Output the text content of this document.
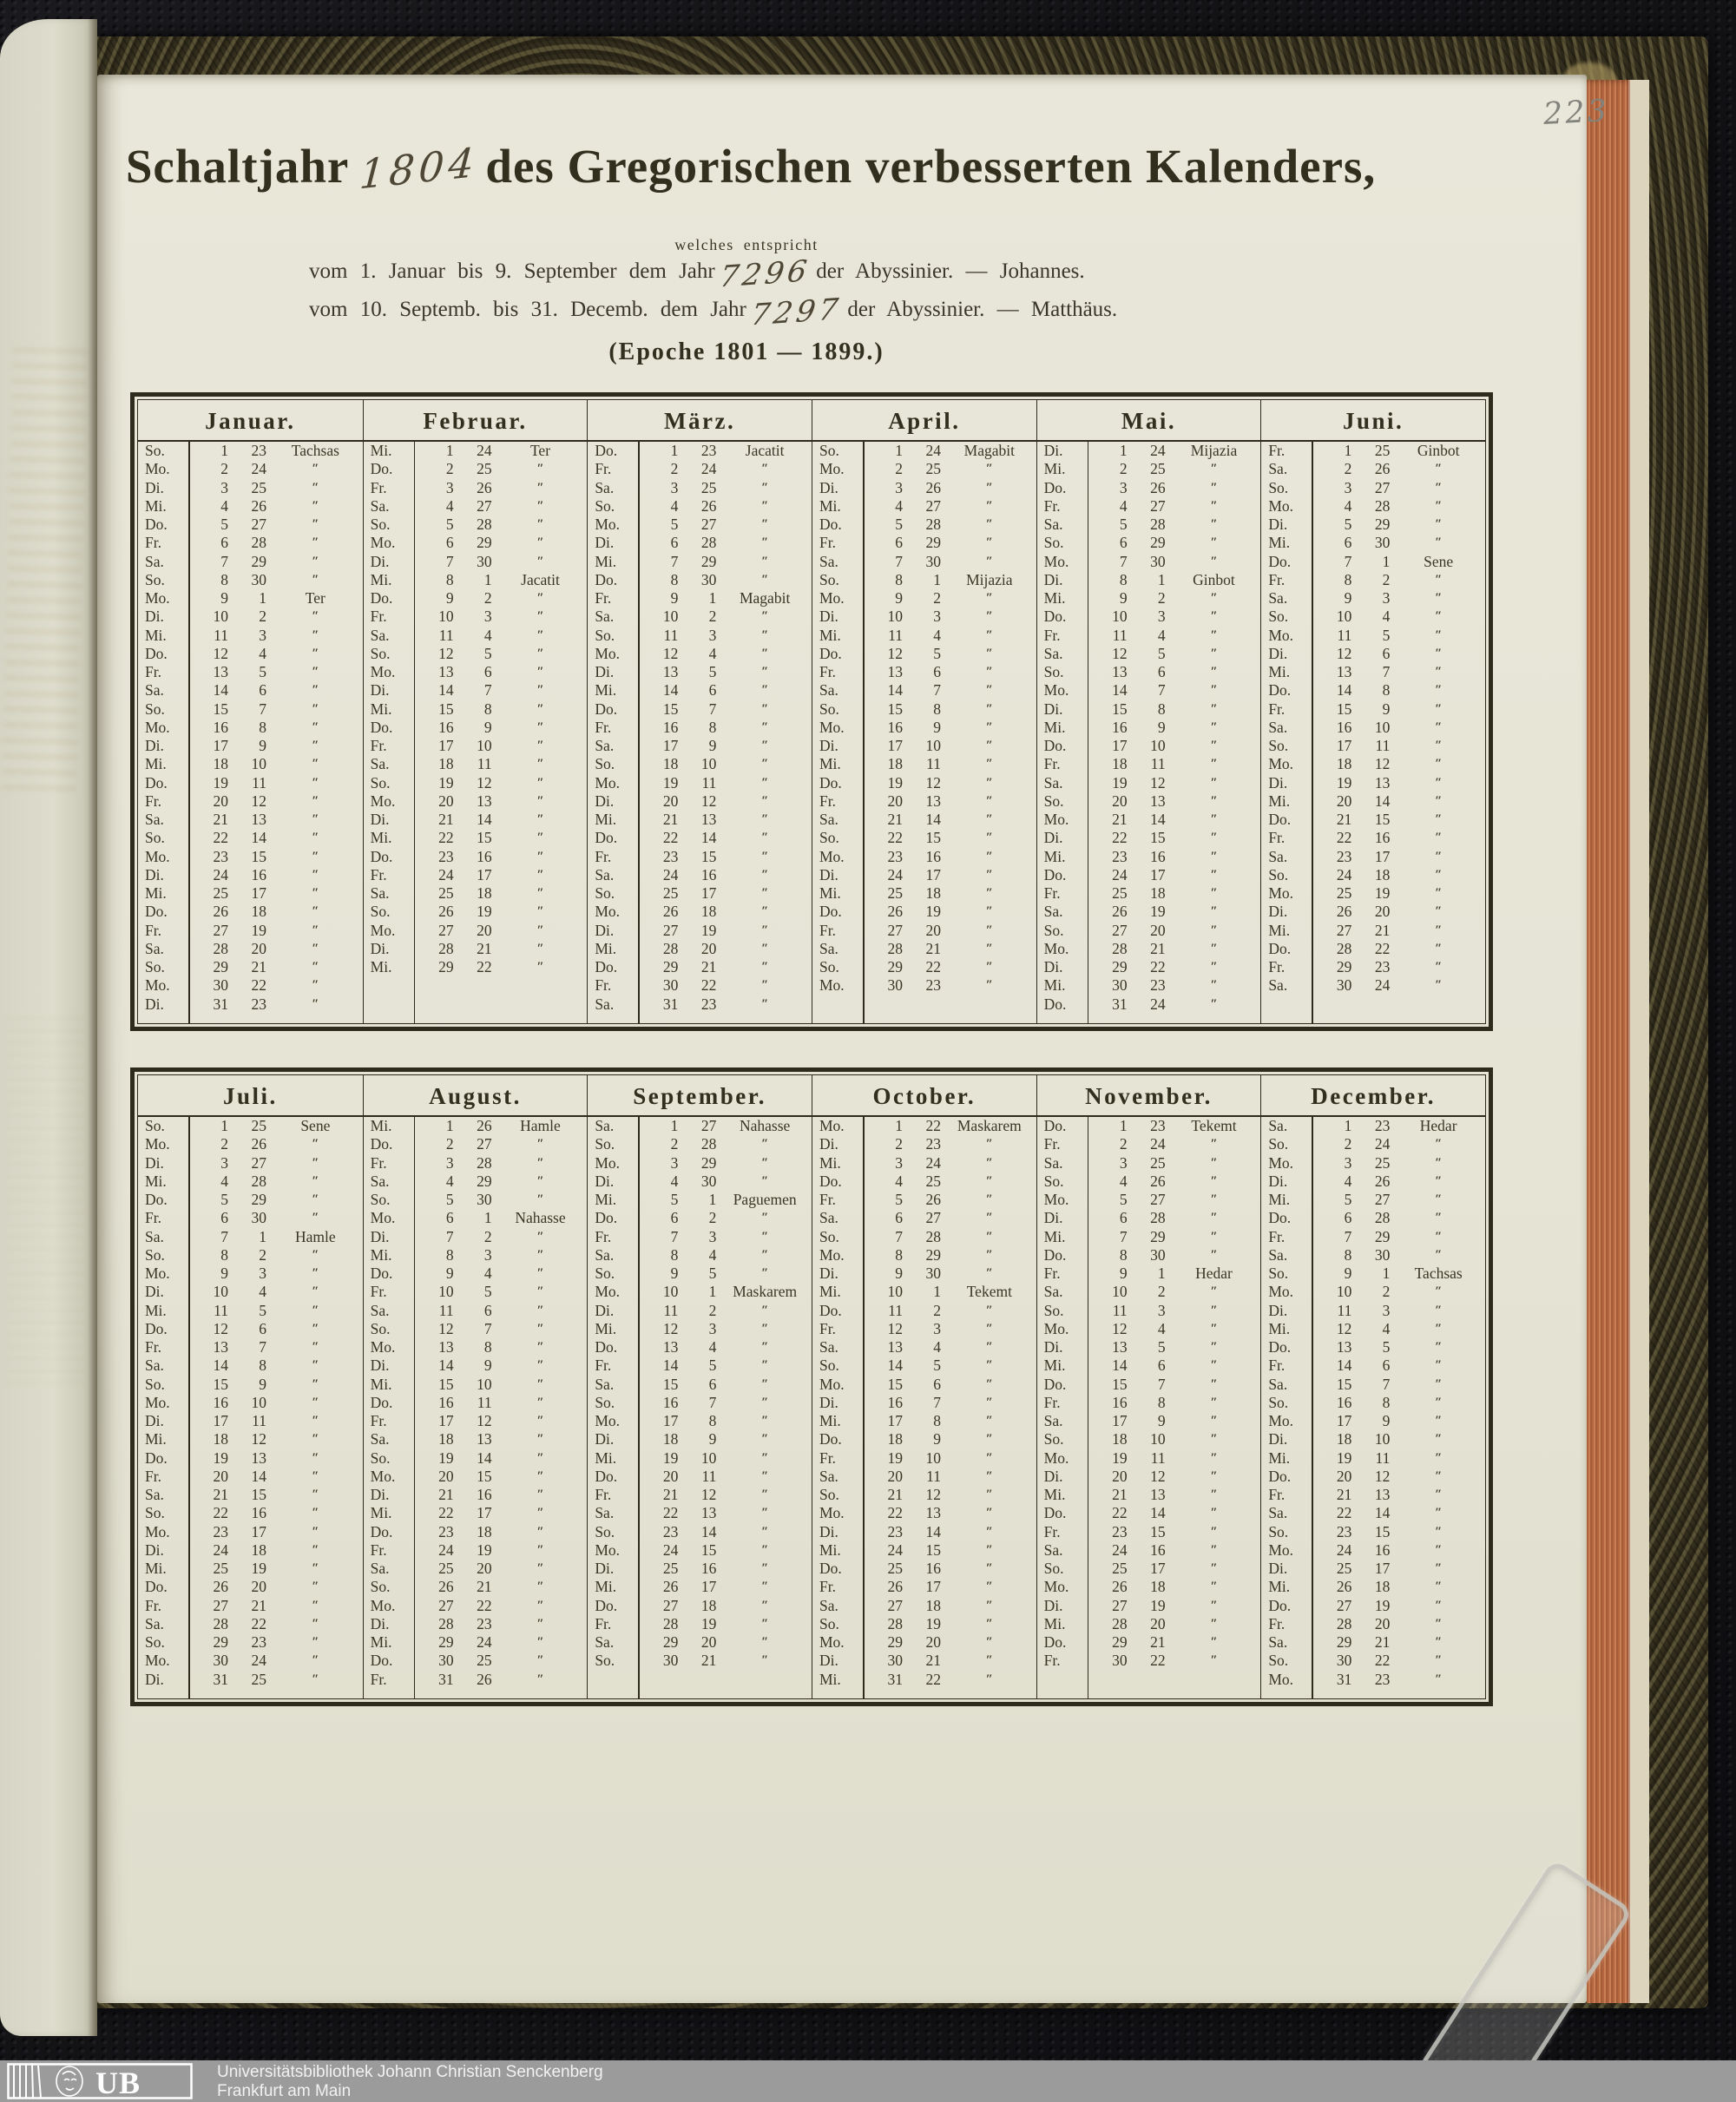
Schaltjahr 1804 des Gregorischen verbesserten Kalenders,
welches entspricht
vom 1. Januar bis 9. September dem Jahr7296 der Abyssinier. — Johannes.
vom 10. Septemb. bis 31. Decemb. dem Jahr7297 der Abyssinier. — Matthäus.
(Epoche 1801 — 1899.)
Januar.
So.	1	23	Tachsas
Mo.	2	24	″
Di.	3	25	″
Mi.	4	26	″
Do.	5	27	″
Fr.	6	28	″
Sa.	7	29	″
So.	8	30	″
Mo.	9	1	Ter
Di.	10	2	″
Mi.	11	3	″
Do.	12	4	″
Fr.	13	5	″
Sa.	14	6	″
So.	15	7	″
Mo.	16	8	″
Di.	17	9	″
Mi.	18	10	″
Do.	19	11	″
Fr.	20	12	″
Sa.	21	13	″
So.	22	14	″
Mo.	23	15	″
Di.	24	16	″
Mi.	25	17	″
Do.	26	18	″
Fr.	27	19	″
Sa.	28	20	″
So.	29	21	″
Mo.	30	22	″
Di.	31	23	″
Februar.
Mi.	1	24	Ter
Do.	2	25	″
Fr.	3	26	″
Sa.	4	27	″
So.	5	28	″
Mo.	6	29	″
Di.	7	30	″
Mi.	8	1	Jacatit
Do.	9	2	″
Fr.	10	3	″
Sa.	11	4	″
So.	12	5	″
Mo.	13	6	″
Di.	14	7	″
Mi.	15	8	″
Do.	16	9	″
Fr.	17	10	″
Sa.	18	11	″
So.	19	12	″
Mo.	20	13	″
Di.	21	14	″
Mi.	22	15	″
Do.	23	16	″
Fr.	24	17	″
Sa.	25	18	″
So.	26	19	″
Mo.	27	20	″
Di.	28	21	″
Mi.	29	22	″
März.
Do.	1	23	Jacatit
Fr.	2	24	″
Sa.	3	25	″
So.	4	26	″
Mo.	5	27	″
Di.	6	28	″
Mi.	7	29	″
Do.	8	30	″
Fr.	9	1	Magabit
Sa.	10	2	″
So.	11	3	″
Mo.	12	4	″
Di.	13	5	″
Mi.	14	6	″
Do.	15	7	″
Fr.	16	8	″
Sa.	17	9	″
So.	18	10	″
Mo.	19	11	″
Di.	20	12	″
Mi.	21	13	″
Do.	22	14	″
Fr.	23	15	″
Sa.	24	16	″
So.	25	17	″
Mo.	26	18	″
Di.	27	19	″
Mi.	28	20	″
Do.	29	21	″
Fr.	30	22	″
Sa.	31	23	″
April.
So.	1	24	Magabit
Mo.	2	25	″
Di.	3	26	″
Mi.	4	27	″
Do.	5	28	″
Fr.	6	29	″
Sa.	7	30	″
So.	8	1	Mijazia
Mo.	9	2	″
Di.	10	3	″
Mi.	11	4	″
Do.	12	5	″
Fr.	13	6	″
Sa.	14	7	″
So.	15	8	″
Mo.	16	9	″
Di.	17	10	″
Mi.	18	11	″
Do.	19	12	″
Fr.	20	13	″
Sa.	21	14	″
So.	22	15	″
Mo.	23	16	″
Di.	24	17	″
Mi.	25	18	″
Do.	26	19	″
Fr.	27	20	″
Sa.	28	21	″
So.	29	22	″
Mo.	30	23	″
Mai.
Di.	1	24	Mijazia
Mi.	2	25	″
Do.	3	26	″
Fr.	4	27	″
Sa.	5	28	″
So.	6	29	″
Mo.	7	30	″
Di.	8	1	Ginbot
Mi.	9	2	″
Do.	10	3	″
Fr.	11	4	″
Sa.	12	5	″
So.	13	6	″
Mo.	14	7	″
Di.	15	8	″
Mi.	16	9	″
Do.	17	10	″
Fr.	18	11	″
Sa.	19	12	″
So.	20	13	″
Mo.	21	14	″
Di.	22	15	″
Mi.	23	16	″
Do.	24	17	″
Fr.	25	18	″
Sa.	26	19	″
So.	27	20	″
Mo.	28	21	″
Di.	29	22	″
Mi.	30	23	″
Do.	31	24	″
Juni.
Fr.	1	25	Ginbot
Sa.	2	26	″
So.	3	27	″
Mo.	4	28	″
Di.	5	29	″
Mi.	6	30	″
Do.	7	1	Sene
Fr.	8	2	″
Sa.	9	3	″
So.	10	4	″
Mo.	11	5	″
Di.	12	6	″
Mi.	13	7	″
Do.	14	8	″
Fr.	15	9	″
Sa.	16	10	″
So.	17	11	″
Mo.	18	12	″
Di.	19	13	″
Mi.	20	14	″
Do.	21	15	″
Fr.	22	16	″
Sa.	23	17	″
So.	24	18	″
Mo.	25	19	″
Di.	26	20	″
Mi.	27	21	″
Do.	28	22	″
Fr.	29	23	″
Sa.	30	24	″
Juli.
So.	1	25	Sene
Mo.	2	26	″
Di.	3	27	″
Mi.	4	28	″
Do.	5	29	″
Fr.	6	30	″
Sa.	7	1	Hamle
So.	8	2	″
Mo.	9	3	″
Di.	10	4	″
Mi.	11	5	″
Do.	12	6	″
Fr.	13	7	″
Sa.	14	8	″
So.	15	9	″
Mo.	16	10	″
Di.	17	11	″
Mi.	18	12	″
Do.	19	13	″
Fr.	20	14	″
Sa.	21	15	″
So.	22	16	″
Mo.	23	17	″
Di.	24	18	″
Mi.	25	19	″
Do.	26	20	″
Fr.	27	21	″
Sa.	28	22	″
So.	29	23	″
Mo.	30	24	″
Di.	31	25	″
August.
Mi.	1	26	Hamle
Do.	2	27	″
Fr.	3	28	″
Sa.	4	29	″
So.	5	30	″
Mo.	6	1	Nahasse
Di.	7	2	″
Mi.	8	3	″
Do.	9	4	″
Fr.	10	5	″
Sa.	11	6	″
So.	12	7	″
Mo.	13	8	″
Di.	14	9	″
Mi.	15	10	″
Do.	16	11	″
Fr.	17	12	″
Sa.	18	13	″
So.	19	14	″
Mo.	20	15	″
Di.	21	16	″
Mi.	22	17	″
Do.	23	18	″
Fr.	24	19	″
Sa.	25	20	″
So.	26	21	″
Mo.	27	22	″
Di.	28	23	″
Mi.	29	24	″
Do.	30	25	″
Fr.	31	26	″
September.
Sa.	1	27	Nahasse
So.	2	28	″
Mo.	3	29	″
Di.	4	30	″
Mi.	5	1	Paguemen
Do.	6	2	″
Fr.	7	3	″
Sa.	8	4	″
So.	9	5	″
Mo.	10	1	Maskarem
Di.	11	2	″
Mi.	12	3	″
Do.	13	4	″
Fr.	14	5	″
Sa.	15	6	″
So.	16	7	″
Mo.	17	8	″
Di.	18	9	″
Mi.	19	10	″
Do.	20	11	″
Fr.	21	12	″
Sa.	22	13	″
So.	23	14	″
Mo.	24	15	″
Di.	25	16	″
Mi.	26	17	″
Do.	27	18	″
Fr.	28	19	″
Sa.	29	20	″
So.	30	21	″
October.
Mo.	1	22	Maskarem
Di.	2	23	″
Mi.	3	24	″
Do.	4	25	″
Fr.	5	26	″
Sa.	6	27	″
So.	7	28	″
Mo.	8	29	″
Di.	9	30	″
Mi.	10	1	Tekemt
Do.	11	2	″
Fr.	12	3	″
Sa.	13	4	″
So.	14	5	″
Mo.	15	6	″
Di.	16	7	″
Mi.	17	8	″
Do.	18	9	″
Fr.	19	10	″
Sa.	20	11	″
So.	21	12	″
Mo.	22	13	″
Di.	23	14	″
Mi.	24	15	″
Do.	25	16	″
Fr.	26	17	″
Sa.	27	18	″
So.	28	19	″
Mo.	29	20	″
Di.	30	21	″
Mi.	31	22	″
November.
Do.	1	23	Tekemt
Fr.	2	24	″
Sa.	3	25	″
So.	4	26	″
Mo.	5	27	″
Di.	6	28	″
Mi.	7	29	″
Do.	8	30	″
Fr.	9	1	Hedar
Sa.	10	2	″
So.	11	3	″
Mo.	12	4	″
Di.	13	5	″
Mi.	14	6	″
Do.	15	7	″
Fr.	16	8	″
Sa.	17	9	″
So.	18	10	″
Mo.	19	11	″
Di.	20	12	″
Mi.	21	13	″
Do.	22	14	″
Fr.	23	15	″
Sa.	24	16	″
So.	25	17	″
Mo.	26	18	″
Di.	27	19	″
Mi.	28	20	″
Do.	29	21	″
Fr.	30	22	″
December.
Sa.	1	23	Hedar
So.	2	24	″
Mo.	3	25	″
Di.	4	26	″
Mi.	5	27	″
Do.	6	28	″
Fr.	7	29	″
Sa.	8	30	″
So.	9	1	Tachsas
Mo.	10	2	″
Di.	11	3	″
Mi.	12	4	″
Do.	13	5	″
Fr.	14	6	″
Sa.	15	7	″
So.	16	8	″
Mo.	17	9	″
Di.	18	10	″
Mi.	19	11	″
Do.	20	12	″
Fr.	21	13	″
Sa.	22	14	″
So.	23	15	″
Mo.	24	16	″
Di.	25	17	″
Mi.	26	18	″
Do.	27	19	″
Fr.	28	20	″
Sa.	29	21	″
So.	30	22	″
Mo.	31	23	″
223
UB	Universitätsbibliothek Johann Christian Senckenberg
Frankfurt am Main
